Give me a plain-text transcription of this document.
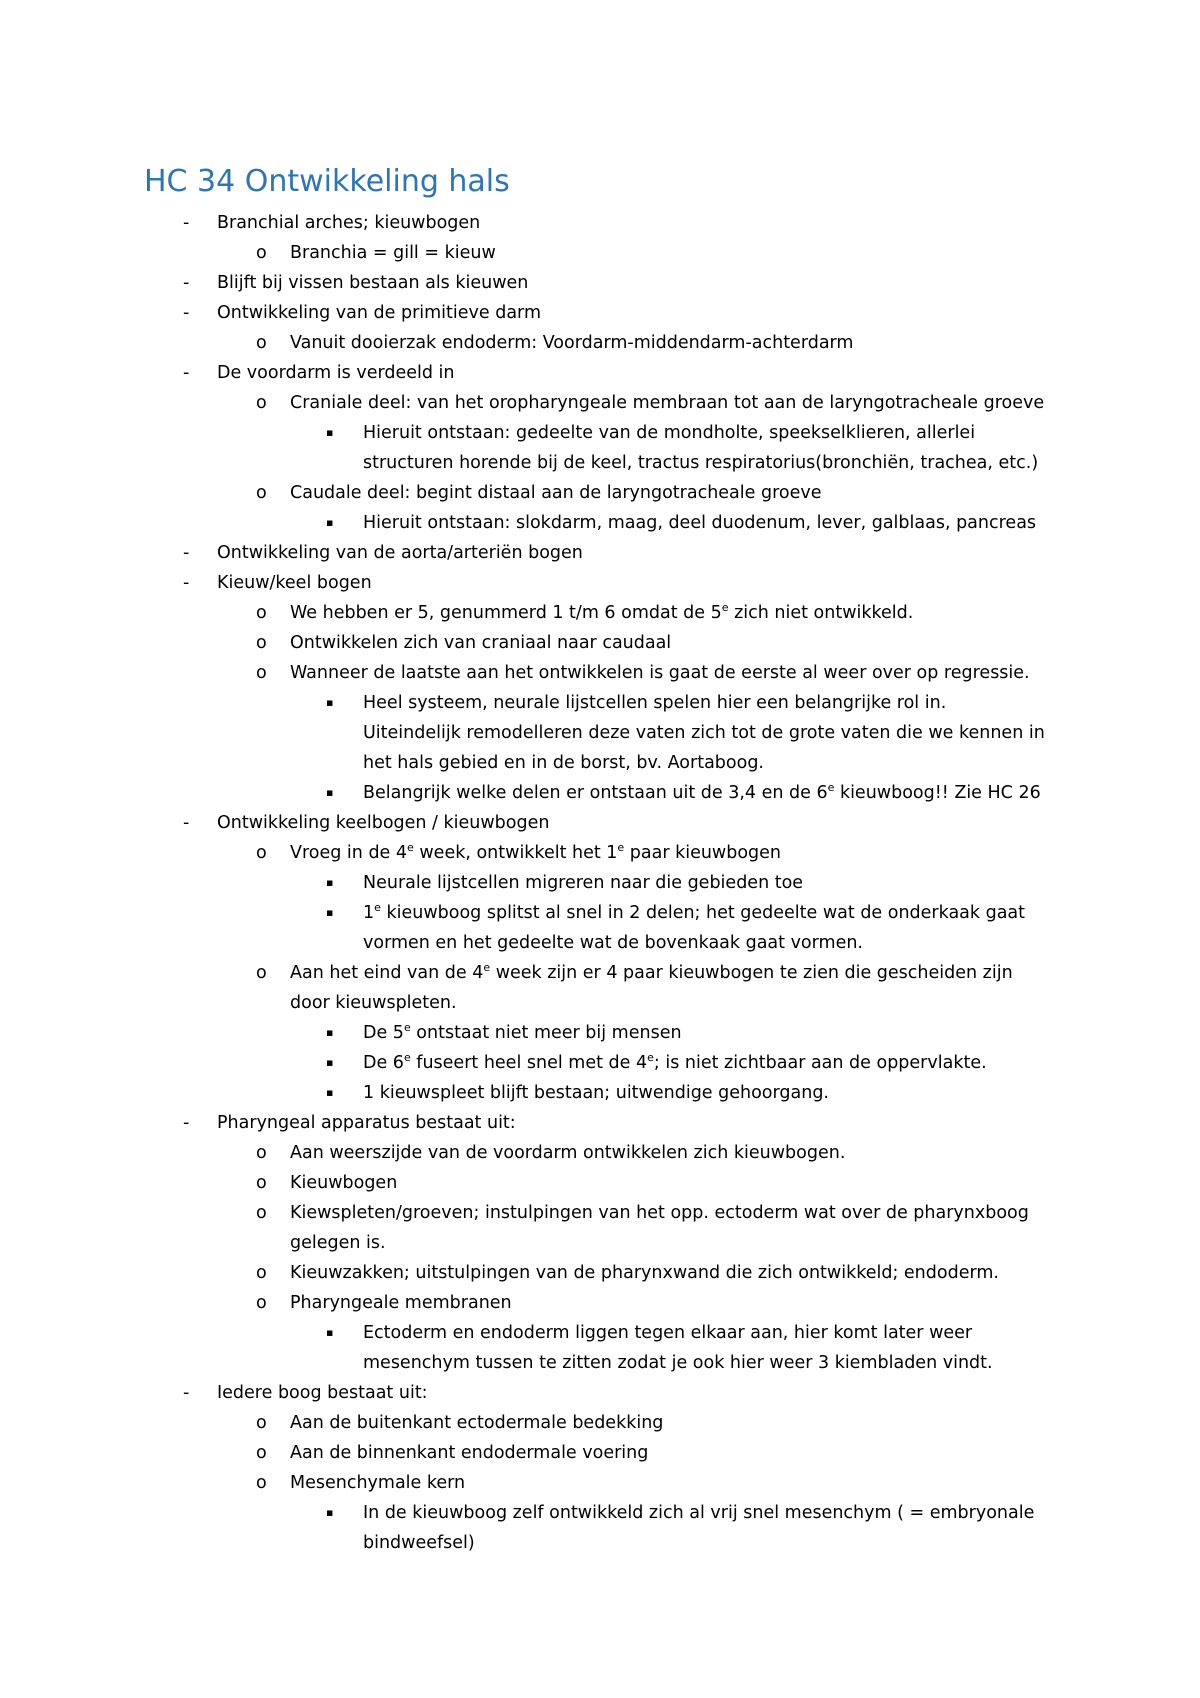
HC 34 Ontwikkeling hals
-	Branchial arches; kieuwbogen
o	Branchia = gill = kieuw
-	Blijft bij vissen bestaan als kieuwen
-	Ontwikkeling van de primitieve darm
o	Vanuit dooierzak endoderm: Voordarm-middendarm-achterdarm
-	De voordarm is verdeeld in
o	Craniale deel: van het oropharyngeale membraan tot aan de laryngotracheale groeve
▪	Hieruit ontstaan: gedeelte van de mondholte, speekselklieren, allerlei
structuren horende bij de keel, tractus respiratorius(bronchiën, trachea, etc.)
o	Caudale deel: begint distaal aan de laryngotracheale groeve
▪	Hieruit ontstaan: slokdarm, maag, deel duodenum, lever, galblaas, pancreas
-	Ontwikkeling van de aorta/arteriën bogen
-	Kieuw/keel bogen
o	We hebben er 5, genummerd 1 t/m 6 omdat de 5e zich niet ontwikkeld.
o	Ontwikkelen zich van craniaal naar caudaal
o	Wanneer de laatste aan het ontwikkelen is gaat de eerste al weer over op regressie.
▪	Heel systeem, neurale lijstcellen spelen hier een belangrijke rol in.
Uiteindelijk remodelleren deze vaten zich tot de grote vaten die we kennen in
het hals gebied en in de borst, bv. Aortaboog.
▪	Belangrijk welke delen er ontstaan uit de 3,4 en de 6e kieuwboog!! Zie HC 26
-	Ontwikkeling keelbogen / kieuwbogen
o	Vroeg in de 4e week, ontwikkelt het 1e paar kieuwbogen
▪	Neurale lijstcellen migreren naar die gebieden toe
▪	1e kieuwboog splitst al snel in 2 delen; het gedeelte wat de onderkaak gaat
vormen en het gedeelte wat de bovenkaak gaat vormen.
o	Aan het eind van de 4e week zijn er 4 paar kieuwbogen te zien die gescheiden zijn
door kieuwspleten.
▪	De 5e ontstaat niet meer bij mensen
▪	De 6e fuseert heel snel met de 4e; is niet zichtbaar aan de oppervlakte.
▪	1 kieuwspleet blijft bestaan; uitwendige gehoorgang.
-	Pharyngeal apparatus bestaat uit:
o	Aan weerszijde van de voordarm ontwikkelen zich kieuwbogen.
o	Kieuwbogen
o	Kiewspleten/groeven; instulpingen van het opp. ectoderm wat over de pharynxboog
gelegen is.
o	Kieuwzakken; uitstulpingen van de pharynxwand die zich ontwikkeld; endoderm.
o	Pharyngeale membranen
▪	Ectoderm en endoderm liggen tegen elkaar aan, hier komt later weer
mesenchym tussen te zitten zodat je ook hier weer 3 kiembladen vindt.
-	Iedere boog bestaat uit:
o	Aan de buitenkant ectodermale bedekking
o	Aan de binnenkant endodermale voering
o	Mesenchymale kern
▪	In de kieuwboog zelf ontwikkeld zich al vrij snel mesenchym ( = embryonale
bindweefsel)
